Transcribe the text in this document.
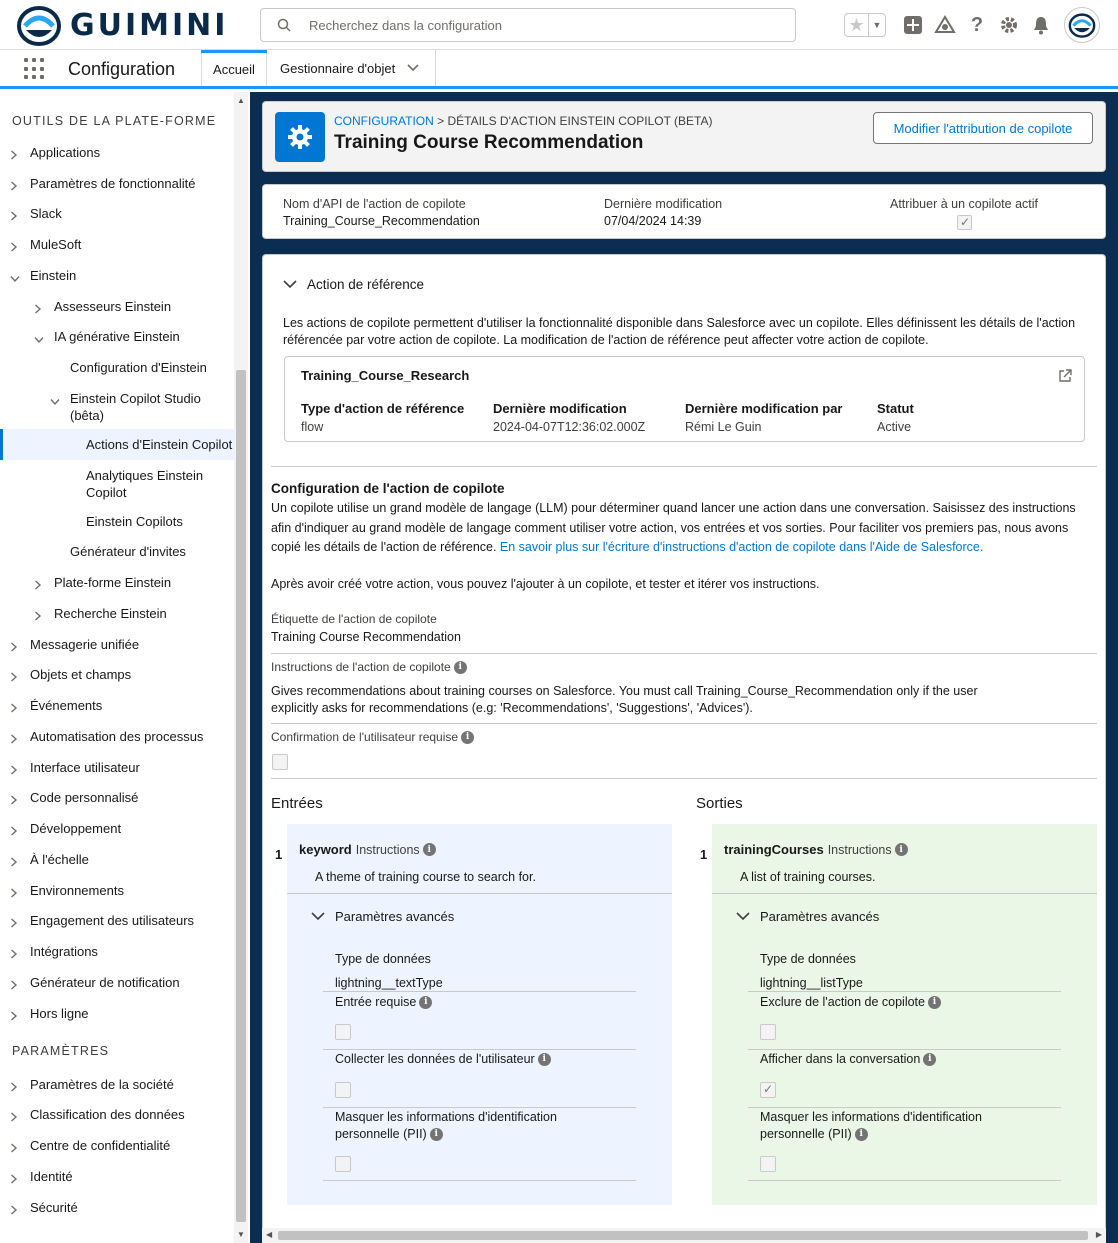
GUIMINI	Recherchez dans la configuration	★ ▼	?
Configuration	Accueil Gestionnaire d'objet
OUTILS DE LA PLATE-FORME
Applications
Paramètres de fonctionnalité
Slack
MuleSoft
Einstein
Assesseurs Einstein
IA générative Einstein
Configuration d'Einstein
Einstein Copilot Studio
(bêta)
Actions d'Einstein Copilot
Analytiques Einstein
Copilot
Einstein Copilots
Générateur d'invites
Plate-forme Einstein
Recherche Einstein
Messagerie unifiée
Objets et champs
Événements
Automatisation des processus
Interface utilisateur
Code personnalisé
Développement
À l'échelle
Environnements
Engagement des utilisateurs
Intégrations
Générateur de notification
Hors ligne
PARAMÈTRES
Paramètres de la société
Classification des données
Centre de confidentialité
Identité
Sécurité
▲
▼
CONFIGURATION > DÉTAILS D'ACTION EINSTEIN COPILOT (BETA)
Training Course Recommendation
Modifier l'attribution de copilote
Nom d'API de l'action de copilote
Training_Course_Recommendation
Dernière modification
07/04/2024 14:39
Attribuer à un copilote actif
✓
Action de référence
Les actions de copilote permettent d'utiliser la fonctionnalité disponible dans Salesforce avec un copilote. Elles définissent les détails de l'action référencée par votre action de copilote. La modification de l'action de référence peut affecter votre action de copilote.
Training_Course_Research
Type d'action de référence
flow
Dernière modification
2024-04-07T12:36:02.000Z
Dernière modification par
Rémi Le Guin
Statut
Active
Configuration de l'action de copilote
Un copilote utilise un grand modèle de langage (LLM) pour déterminer quand lancer une action dans une conversation. Saisissez des instructions afin d'indiquer au grand modèle de langage comment utiliser votre action, vos entrées et vos sorties. Pour faciliter vos premiers pas, nous avons copié les détails de l'action de référence. En savoir plus sur l'écriture d'instructions d'action de copilote dans l'Aide de Salesforce.
Après avoir créé votre action, vous pouvez l'ajouter à un copilote, et tester et itérer vos instructions.
Étiquette de l'action de copilote
Training Course Recommendation
Instructions de l'action de copilote i
Gives recommendations about training courses on Salesforce. You must call Training_Course_Recommendation only if the user explicitly asks for recommendations (e.g: 'Recommendations', 'Suggestions', 'Advices').
Confirmation de l'utilisateur requise i
Entrées	Sorties
1	1
keyword Instructions i
A theme of training course to search for.
Paramètres avancés
Type de données
lightning__textType
Entrée requise i
Collecter les données de l'utilisateur i
Masquer les informations d'identification
personnelle (PII) i
trainingCourses Instructions i
A list of training courses.
Paramètres avancés
Type de données
lightning__listType
Exclure de l'action de copilote i
Afficher dans la conversation i
✓
Masquer les informations d'identification
personnelle (PII) i
◀	▶
